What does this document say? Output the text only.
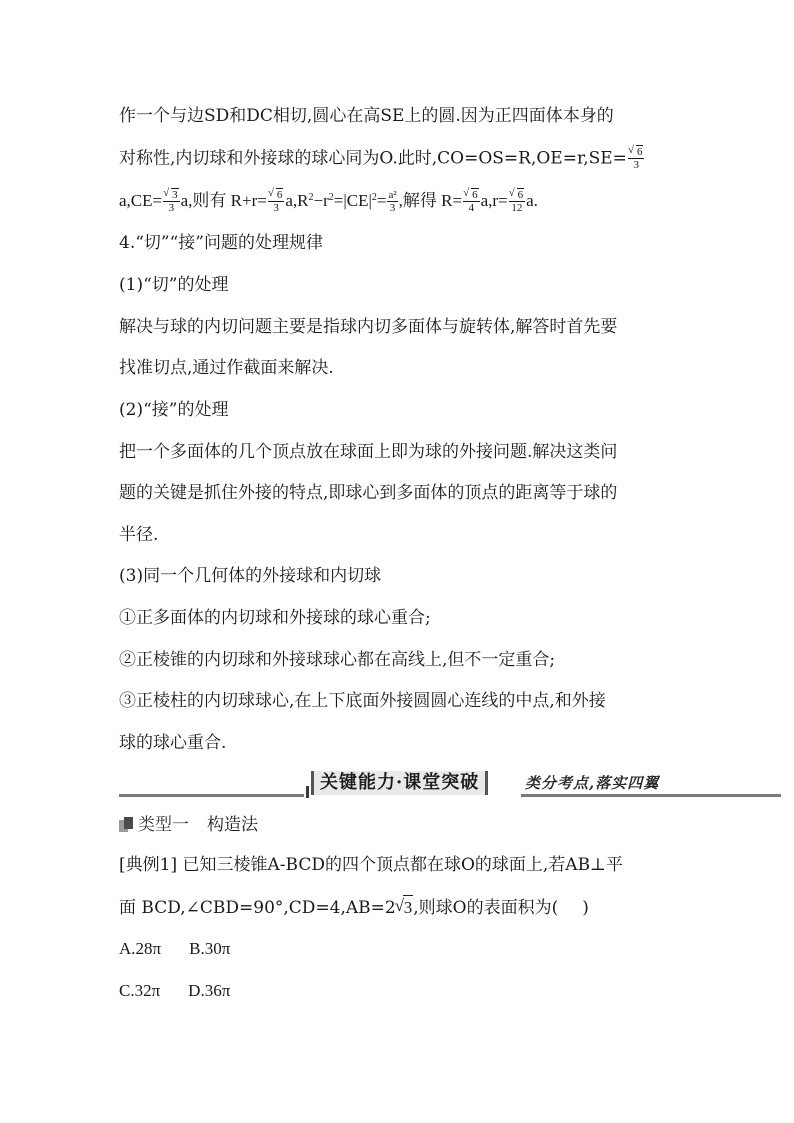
作一个与边SD和DC相切,圆心在高SE上的圆.因为正四面体本身的
对称性,内切球和外接球的球心同为O.此时,CO=OS=R,OE=r,SE= √ $\frac{6}{3}$
a,CE= √ $\frac{3}{3} a$,则有 R+r= √ $\frac{6}{3} a,R^2-r^2=|CE|^2= \frac{\text{a²}}{3}$ ,解得 R= √ $\frac{6}{4} a,r=$ √ $\frac{6}{12} a$.
4.“切”“接”问题的处理规律
(1)“切”的处理
解决与球的内切问题主要是指球内切多面体与旋转体,解答时首先要
找准切点,通过作截面来解决.
(2)“接”的处理
把一个多面体的几个顶点放在球面上即为球的外接问题.解决这类问
题的关键是抓住外接的特点,即球心到多面体的顶点的距离等于球的
半径.
(3)同一个几何体的外接球和内切球
①正多面体的内切球和外接球的球心重合;
②正棱锥的内切球和外接球球心都在高线上,但不一定重合;
③正棱柱的内切球球心,在上下底面外接圆圆心连线的中点,和外接
球的球心重合.
关键能力·课堂突破	类分考点,落实四翼
类型一 构造法
[典例1] 已知三棱锥A-BCD的四个顶点都在球O的球面上,若AB⊥平
面 BCD,∠CBD=90°,CD=4,AB=2 √ 3,则球O的表面积为( )
A.28π B.30π
C.32π D.36π
